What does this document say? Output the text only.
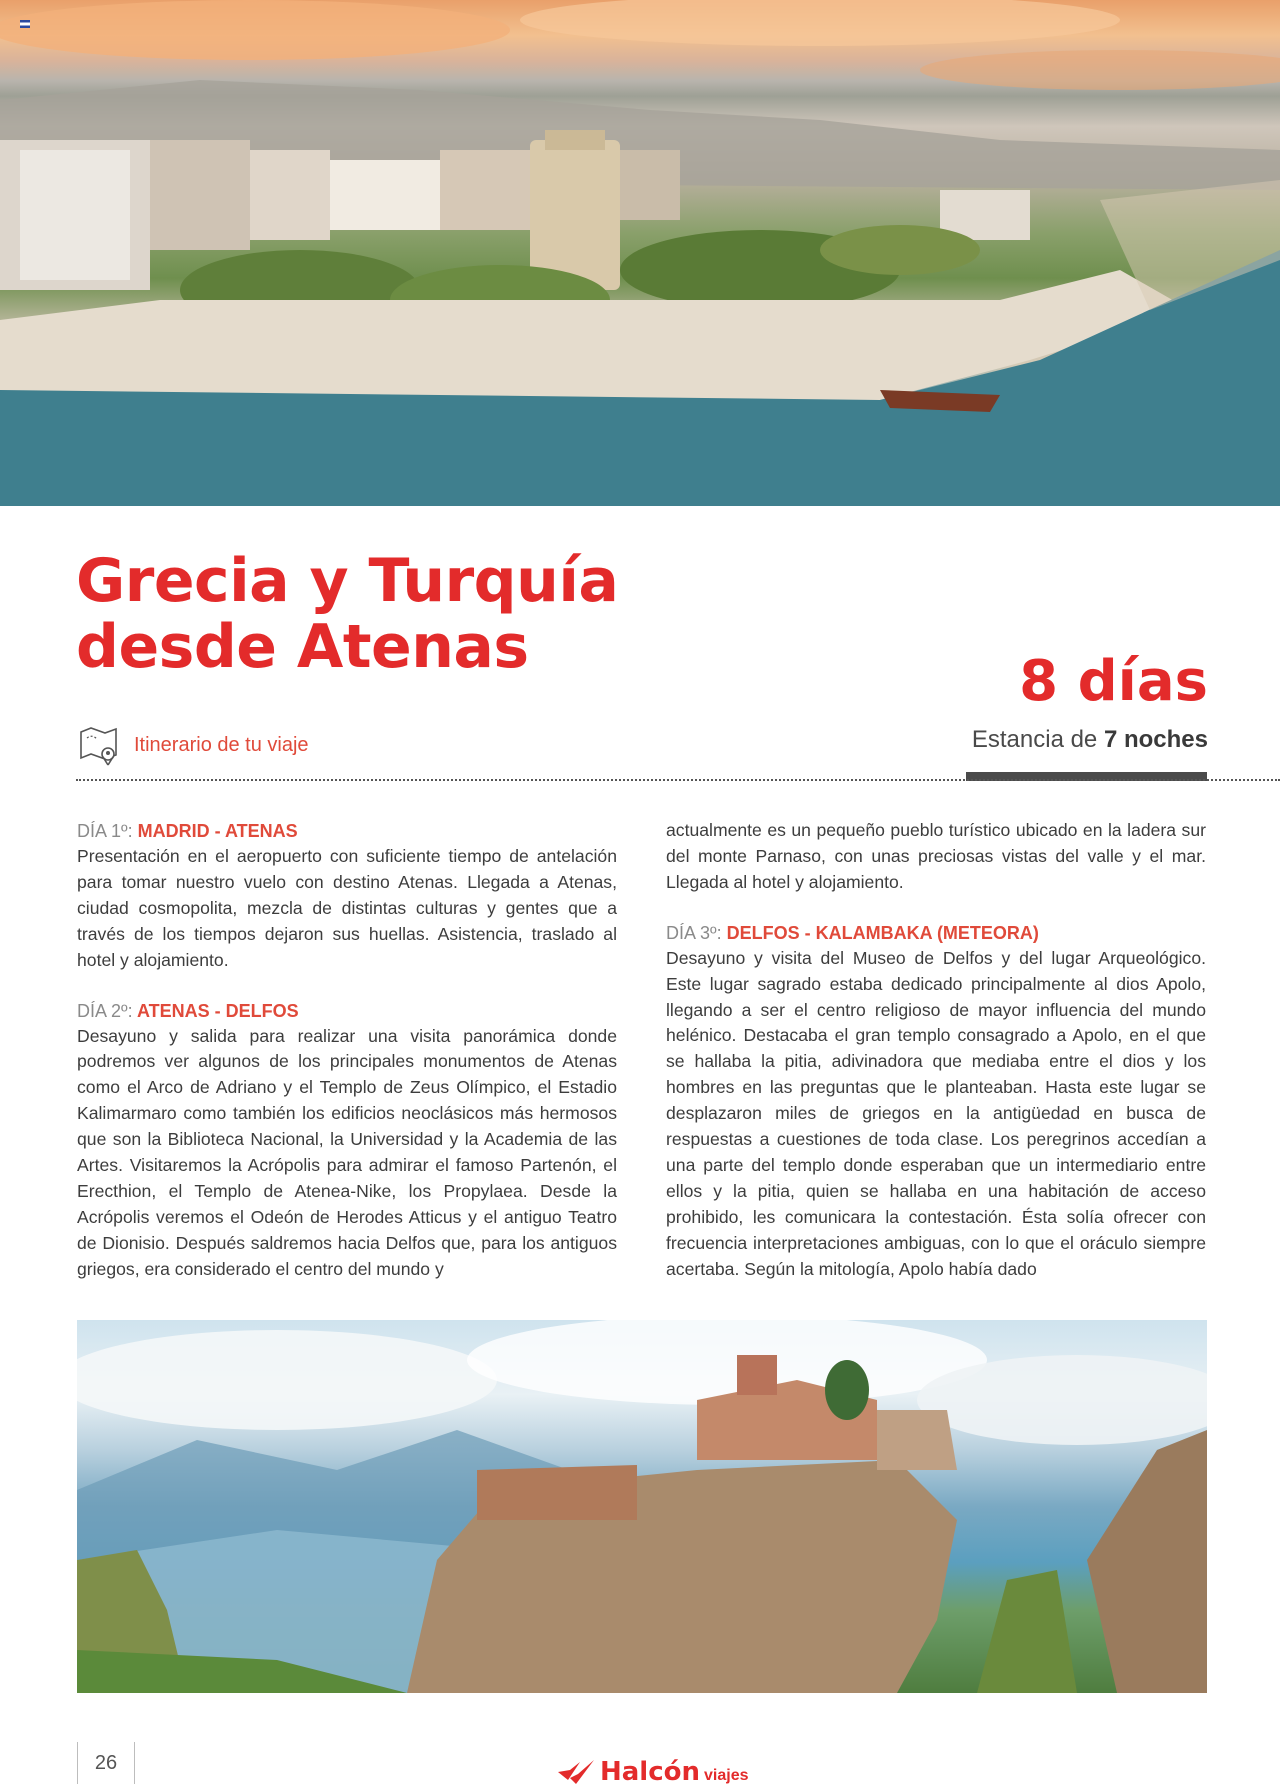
Grecia y Turquía
desde Atenas	8 días
Estancia de 7 noches
Itinerario de tu viaje
DÍA 1º: MADRID - ATENAS

Presentación en el aeropuerto con suficiente tiempo de antelación para tomar nuestro vuelo con destino Atenas. Llegada a Atenas, ciudad cosmopolita, mezcla de distintas culturas y gentes que a través de los tiempos dejaron sus huellas. Asistencia, traslado al hotel y alojamiento.

DÍA 2º: ATENAS - DELFOS

Desayuno y salida para realizar una visita panorámica donde podremos ver algunos de los principales monumentos de Atenas como el Arco de Adriano y el Templo de Zeus Olímpico, el Estadio Kalimarmaro como también los edificios neoclásicos más hermosos que son la Biblioteca Nacional, la Universidad y la Academia de las Artes. Visitaremos la Acrópolis para admirar el famoso Partenón, el Erecthion, el Templo de Atenea-Nike, los Propylaea. Desde la Acrópolis veremos el Odeón de Herodes Atticus y el antiguo Teatro de Dionisio. Después saldremos hacia Delfos que, para los antiguos griegos, era considerado el centro del mundo y

actualmente es un pequeño pueblo turístico ubicado en la ladera sur del monte Parnaso, con unas preciosas vistas del valle y el mar. Llegada al hotel y alojamiento.

DÍA 3º: DELFOS - KALAMBAKA (METEORA)

Desayuno y visita del Museo de Delfos y del lugar Arqueológico. Este lugar sagrado estaba dedicado principalmente al dios Apolo, llegando a ser el centro religioso de mayor influencia del mundo helénico. Destacaba el gran templo consagrado a Apolo, en el que se hallaba la pitia, adivinadora que mediaba entre el dios y los hombres en las preguntas que le planteaban. Hasta este lugar se desplazaron miles de griegos en la antigüedad en busca de respuestas a cuestiones de toda clase. Los peregrinos accedían a una parte del templo donde esperaban que un intermediario entre ellos y la pitia, quien se hallaba en una habitación de acceso prohibido, les comunicara la contestación. Ésta solía ofrecer con frecuencia interpretaciones ambiguas, con lo que el oráculo siempre acertaba. Según la mitología, Apolo había dado

26	Halcón viajes
